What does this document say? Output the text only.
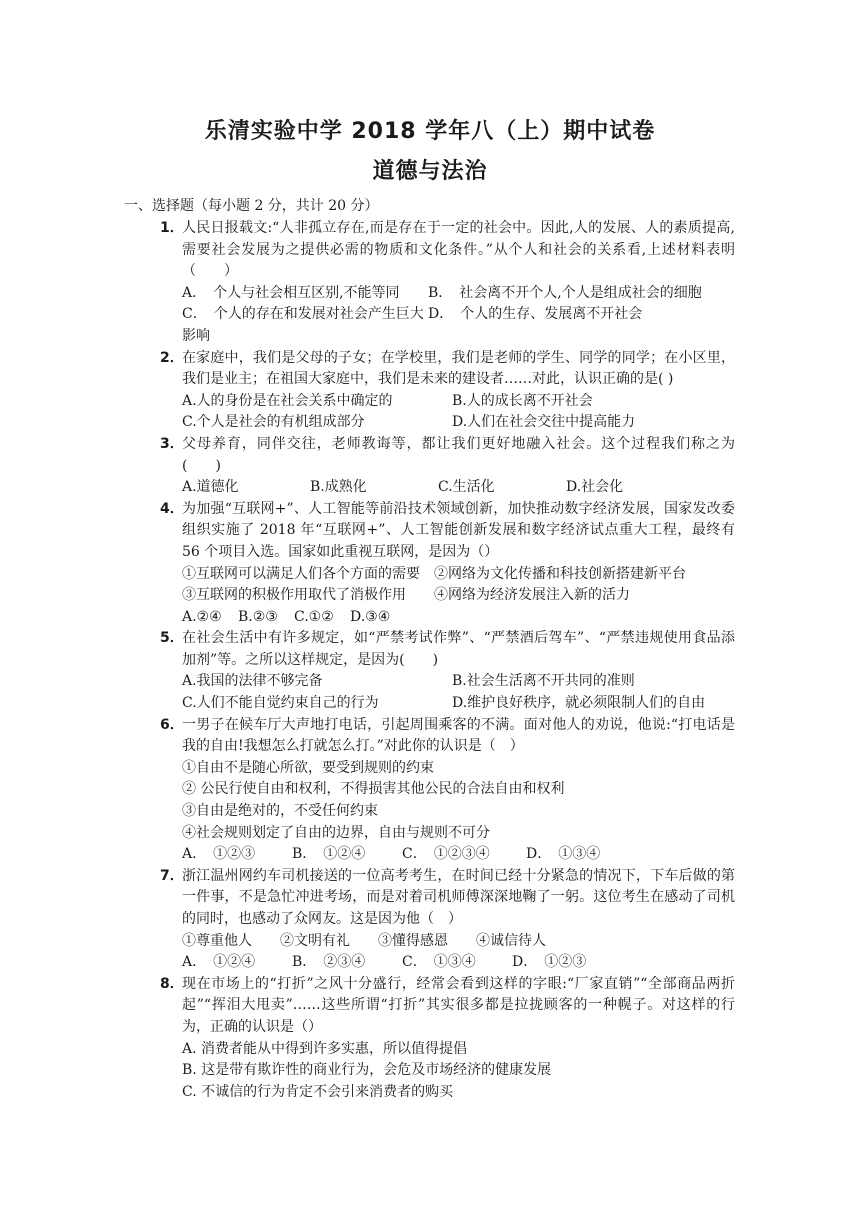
乐清实验中学 2018 学年八（上）期中试卷
道德与法治
一、选择题（每小题 2 分，共计 20 分）
1．
人民日报载文:“人非孤立存在,而是存在于一定的社会中。因此,人的发展、人的素质提高,需要社会发展为之提供必需的物质和文化条件。”从个人和社会的关系看,上述材料表明（　　）
A．　个人与社会相互区别,不能等同	B．　社会离不开个人,个人是组成社会的细胞
C．　个人的存在和发展对社会产生巨大影响
D．　个人的生存、发展离不开社会
2．
在家庭中，我们是父母的子女；在学校里，我们是老师的学生、同学的同学；在小区里，我们是业主；在祖国大家庭中，我们是未来的建设者……对此，认识正确的是( )
A.人的身份是在社会关系中确定的	B.人的成长离不开社会
C.个人是社会的有机组成部分	D.人们在社会交往中提高能力
3．
父母养育，同伴交往，老师教诲等，都让我们更好地融入社会。这个过程我们称之为(　　)
A.道德化	B.成熟化	C.生活化	D.社会化
4．
为加强“互联网+”、人工智能等前沿技术领域创新，加快推动数字经济发展，国家发改委组织实施了 2018 年“互联网+”、人工智能创新发展和数字经济试点重大工程，最终有 56 个项目入选。国家如此重视互联网，是因为（）
①互联网可以满足人们各个方面的需要　②网络为文化传播和科技创新搭建新平台
③互联网的积极作用取代了消极作用　　④网络为经济发展注入新的活力
A.②④	B.②③	C.①②	D.③④
5．
在社会生活中有许多规定，如“严禁考试作弊”、“严禁酒后驾车”、“严禁违规使用食品添加剂”等。之所以这样规定，是因为(　　)
A.我国的法律不够完备	B.社会生活离不开共同的准则
C.人们不能自觉约束自己的行为	D.维护良好秩序，就必须限制人们的自由
6．
一男子在候车厅大声地打电话，引起周围乘客的不满。面对他人的劝说，他说:“打电话是我的自由!我想怎么打就怎么打。”对此你的认识是（　）
①自由不是随心所欲，要受到规则的约束
② 公民行使自由和权利，不得损害其他公民的合法自由和权利
③自由是绝对的，不受任何约束
④社会规则划定了自由的边界，自由与规则不可分
A．　①②③	B．　①②④	C．　①②③④	D．　①③④
7．
浙江温州网约车司机接送的一位高考考生，在时间已经十分紧急的情况下，下车后做的第一件事，不是急忙冲进考场，而是对着司机师傅深深地鞠了一躬。这位考生在感动了司机的同时，也感动了众网友。这是因为他（　）
①尊重他人　　②文明有礼　　③懂得感恩　　④诚信待人
A．　①②④	B．　②③④	C．　①③④	D．　①②③
8．
现在市场上的“打折”之风十分盛行，经常会看到这样的字眼:“厂家直销”“全部商品两折起”“挥泪大甩卖”……这些所谓“打折”其实很多都是拉拢顾客的一种幌子。对这样的行为，正确的认识是（）
A. 消费者能从中得到许多实惠，所以值得提倡
B. 这是带有欺诈性的商业行为，会危及市场经济的健康发展
C. 不诚信的行为肯定不会引来消费者的购买
